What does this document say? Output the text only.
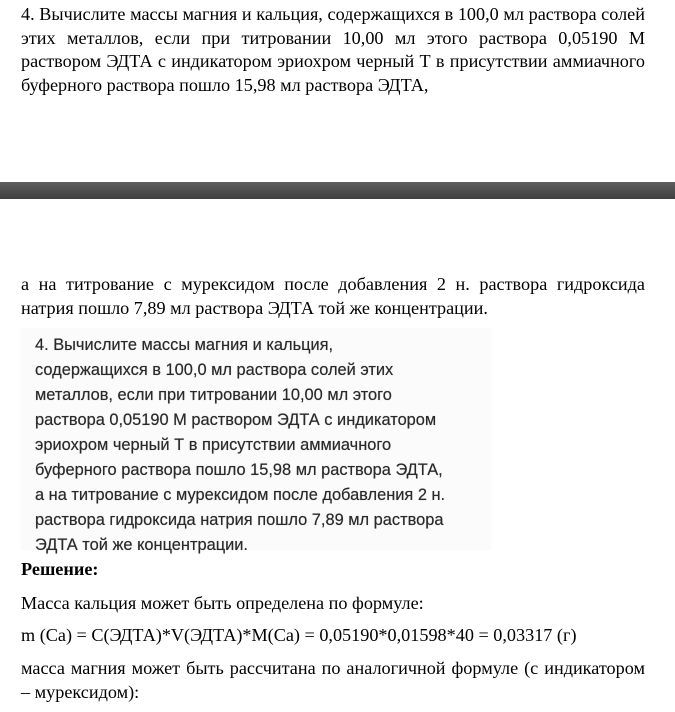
4. Вычислите массы магния и кальция, содержащихся в 100,0 мл раствора солей этих металлов, если при титровании 10,00 мл этого раствора 0,05190 М раствором ЭДТА с индикатором эриохром черный Т в присутствии аммиачного буферного раствора пошло 15,98 мл раствора ЭДТА,

а на титрование с мурексидом после добавления 2 н. раствора гидроксида натрия пошло 7,89 мл раствора ЭДТА той же концентрации.

4. Вычислите массы магния и кальция,
содержащихся в 100,0 мл раствора солей этих
металлов, если при титровании 10,00 мл этого
раствора 0,05190 М раствором ЭДТА с индикатором
эриохром черный Т в присутствии аммиачного
буферного раствора пошло 15,98 мл раствора ЭДТА,
а на титрование с мурексидом после добавления 2 н.
раствора гидроксида натрия пошло 7,89 мл раствора
ЭДТА той же концентрации.

Решение:

Масса кальция может быть определена по формуле:

m (Ca) = C(ЭДТА)*V(ЭДТА)*M(Ca) = 0,05190*0,01598*40 = 0,03317 (г)

масса магния может быть рассчитана по аналогичной формуле (с индикатором – мурексидом):
